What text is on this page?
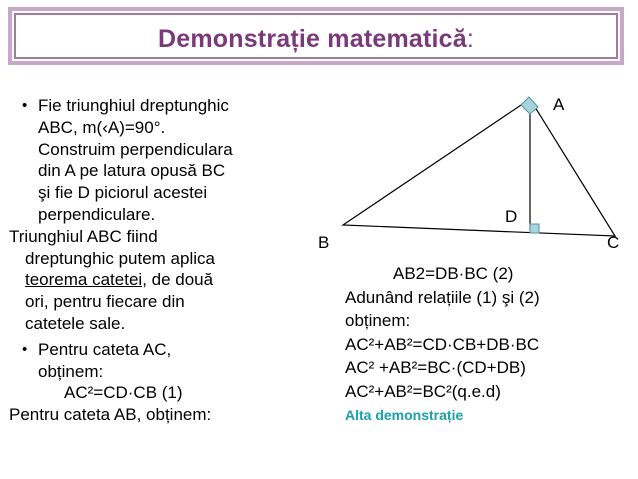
Demonstrație matematică:
• Fie triunghiul dreptunghic
ABC, m(‹A)=90°.
Construim perpendiculara
din A pe latura opusă BC
şi fie D piciorul acestei
perpendiculare.
Triunghiul ABC fiind
dreptunghic putem aplica
teorema catetei, de două
ori, pentru fiecare din
catetele sale.
• Pentru cateta AC,
obținem:
AC²=CD·CB (1)
Pentru cateta AB, obținem:
A
B	C
D
AB2=DB·BC (2)
Adunând relațiile (1) şi (2)
obținem:
AC²+AB²=CD·CB+DB·BC
AC² +AB²=BC·(CD+DB)
AC²+AB²=BC²(q.e.d)
Alta demonstrație
